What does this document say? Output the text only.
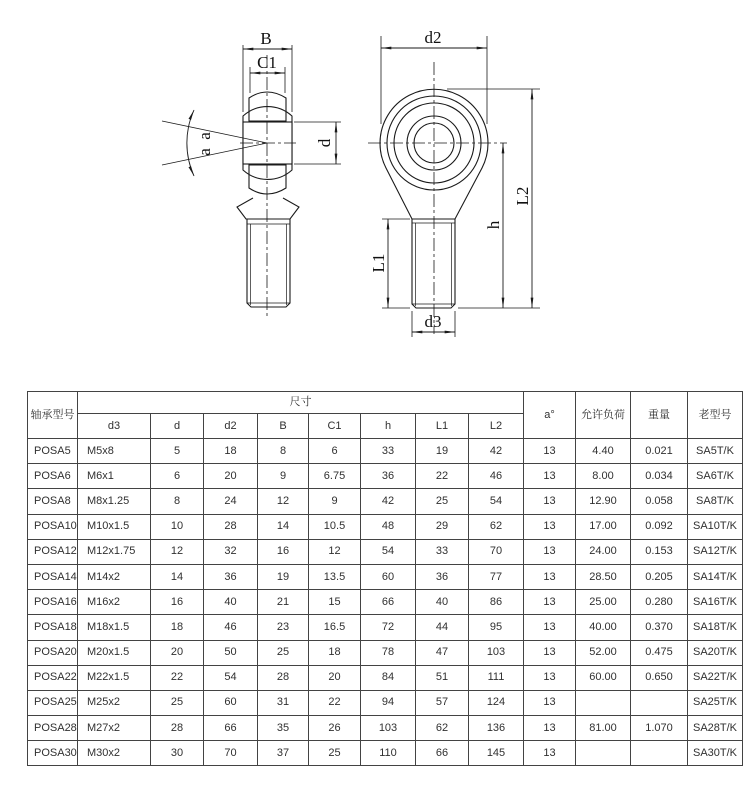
B
C1
d
a
a
d2
L2
h
L1
d3
轴承型号	尺寸								a°	允许负荷	重量	老型号
	d3	d	d2	B	C1	h	L1	L2				
POSA5	M5x8	5	18	8	6	33	19	42	13	4.40	0.021	SA5T/K
POSA6	M6x1	6	20	9	6.75	36	22	46	13	8.00	0.034	SA6T/K
POSA8	M8x1.25	8	24	12	9	42	25	54	13	12.90	0.058	SA8T/K
POSA10	M10x1.5	10	28	14	10.5	48	29	62	13	17.00	0.092	SA10T/K
POSA12	M12x1.75	12	32	16	12	54	33	70	13	24.00	0.153	SA12T/K
POSA14	M14x2	14	36	19	13.5	60	36	77	13	28.50	0.205	SA14T/K
POSA16	M16x2	16	40	21	15	66	40	86	13	25.00	0.280	SA16T/K
POSA18	M18x1.5	18	46	23	16.5	72	44	95	13	40.00	0.370	SA18T/K
POSA20	M20x1.5	20	50	25	18	78	47	103	13	52.00	0.475	SA20T/K
POSA22	M22x1.5	22	54	28	20	84	51	111	13	60.00	0.650	SA22T/K
POSA25	M25x2	25	60	31	22	94	57	124	13			SA25T/K
POSA28	M27x2	28	66	35	26	103	62	136	13	81.00	1.070	SA28T/K
POSA30	M30x2	30	70	37	25	110	66	145	13			SA30T/K
